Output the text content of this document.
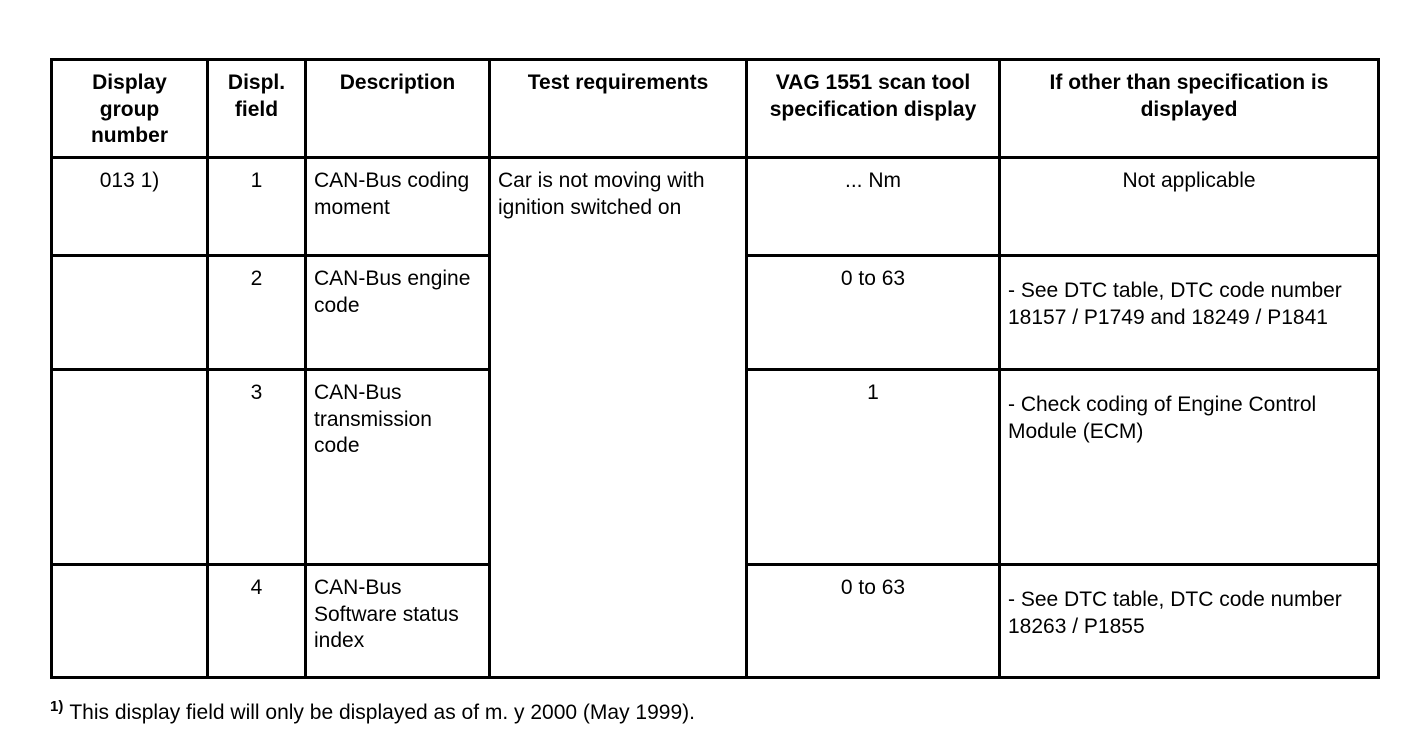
Display group number	Displ. field	Description	Test requirements	VAG 1551 scan tool specification display	If other than specification is displayed
013 1)	1	CAN-Bus coding moment	Car is not moving with ignition switched on	... Nm	Not applicable
	2	CAN-Bus engine code		0 to 63	- See DTC table, DTC code number 18157 / P1749 and 18249 / P1841

	3	CAN-Bus transmission code		1	- Check coding of Engine Control Module (ECM)

	4	CAN-Bus Software status index		0 to 63	- See DTC table, DTC code number 18263 / P1855
$^{1)}$ This display field will only be displayed as of m. y 2000 (May 1999).
